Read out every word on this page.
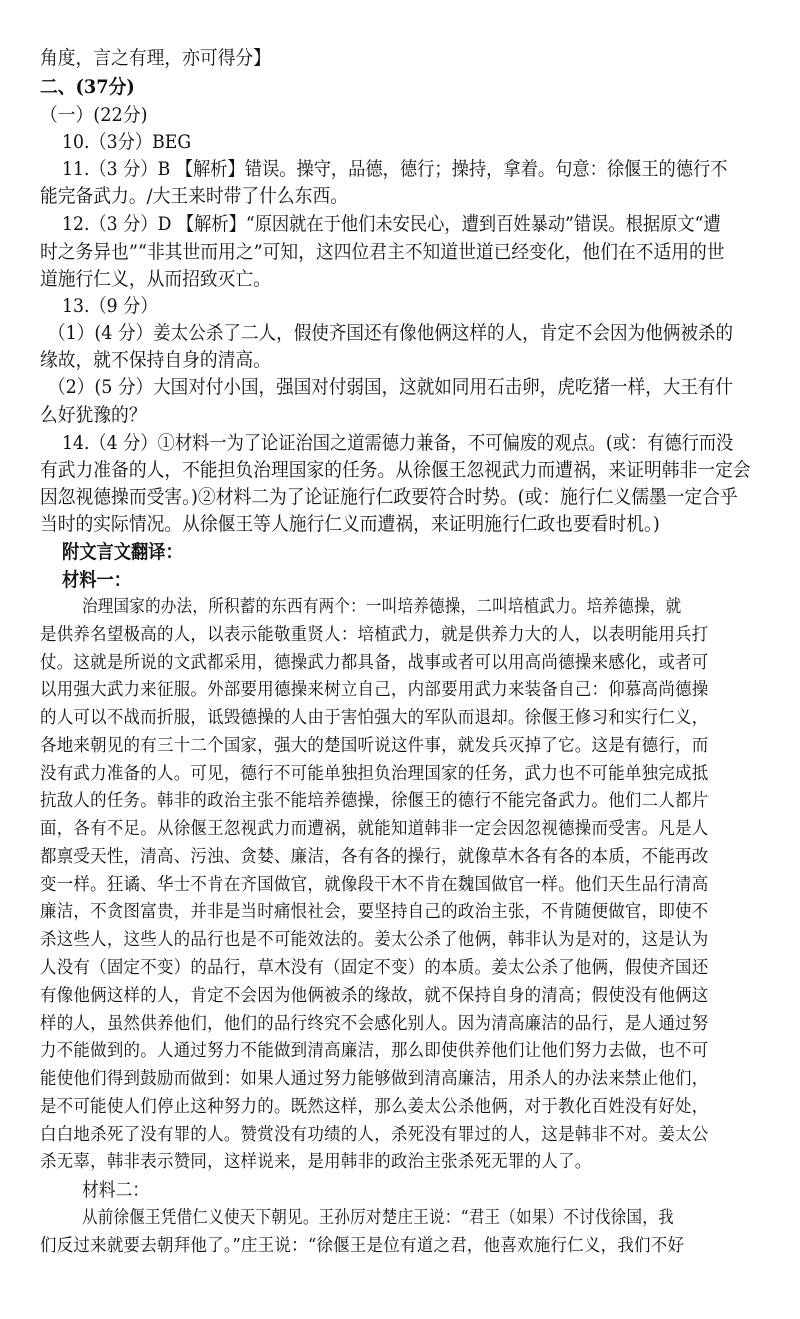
角度，言之有理，亦可得分】
二、(37分)
（一）(22分)
10.（3分）BEG
11.（3 分）B 【解析】错误。操守，品德，德行；操持，拿着。句意：徐偃王的德行不
能完备武力。/大王来时带了什么东西。
12.（3 分）D 【解析】“原因就在于他们未安民心，遭到百姓暴动”错误。根据原文“遭
时之务异也”“非其世而用之”可知，这四位君主不知道世道已经变化，他们在不适用的世
道施行仁义，从而招致灭亡。
13.（9 分）
（1）(4 分）姜太公杀了二人，假使齐国还有像他俩这样的人，肯定不会因为他俩被杀的
缘故，就不保持自身的清高。
（2）(5 分）大国对付小国，强国对付弱国，这就如同用石击卵，虎吃猪一样，大王有什
么好犹豫的？
14.（4 分）①材料一为了论证治国之道需德力兼备，不可偏废的观点。(或：有德行而没
有武力准备的人，不能担负治理国家的任务。从徐偃王忽视武力而遭祸，来证明韩非一定会
因忽视德操而受害。)②材料二为了论证施行仁政要符合时势。(或：施行仁义儒墨一定合乎
当时的实际情况。从徐偃王等人施行仁义而遭祸，来证明施行仁政也要看时机。)
附文言文翻译：
材料一：
治理国家的办法，所积蓄的东西有两个：一叫培养德操，二叫培植武力。培养德操，就
是供养名望极高的人，以表示能敬重贤人：培植武力，就是供养力大的人，以表明能用兵打
仗。这就是所说的文武都采用，德操武力都具备，战事或者可以用高尚德操来感化，或者可
以用强大武力来征服。外部要用德操来树立自己，内部要用武力来装备自己：仰慕高尚德操
的人可以不战而折服，诋毁德操的人由于害怕强大的军队而退却。徐偃王修习和实行仁义，
各地来朝见的有三十二个国家，强大的楚国听说这件事，就发兵灭掉了它。这是有德行，而
没有武力准备的人。可见，德行不可能单独担负治理国家的任务，武力也不可能单独完成抵
抗敌人的任务。韩非的政治主张不能培养德操，徐偃王的德行不能完备武力。他们二人都片
面，各有不足。从徐偃王忽视武力而遭祸，就能知道韩非一定会因忽视德操而受害。凡是人
都禀受天性，清高、污浊、贪婪、廉洁，各有各的操行，就像草木各有各的本质，不能再改
变一样。狂谲、华士不肯在齐国做官，就像段干木不肯在魏国做官一样。他们天生品行清高
廉洁，不贪图富贵，并非是当时痛恨社会，要坚持自己的政治主张，不肯随便做官，即使不
杀这些人，这些人的品行也是不可能效法的。姜太公杀了他俩，韩非认为是对的，这是认为
人没有（固定不变）的品行，草木没有（固定不变）的本质。姜太公杀了他俩，假使齐国还
有像他俩这样的人，肯定不会因为他俩被杀的缘故，就不保持自身的清高；假使没有他俩这
样的人，虽然供养他们，他们的品行终究不会感化别人。因为清高廉洁的品行，是人通过努
力不能做到的。人通过努力不能做到清高廉洁，那么即使供养他们让他们努力去做，也不可
能使他们得到鼓励而做到：如果人通过努力能够做到清高廉洁，用杀人的办法来禁止他们，
是不可能使人们停止这种努力的。既然这样，那么姜太公杀他俩，对于教化百姓没有好处，
白白地杀死了没有罪的人。赞赏没有功绩的人，杀死没有罪过的人，这是韩非不对。姜太公
杀无辜，韩非表示赞同，这样说来，是用韩非的政治主张杀死无罪的人了。
材料二：
从前徐偃王凭借仁义使天下朝见。王孙厉对楚庄王说：“君王（如果）不讨伐徐国，我
们反过来就要去朝拜他了。”庄王说：“徐偃王是位有道之君，他喜欢施行仁义，我们不好
